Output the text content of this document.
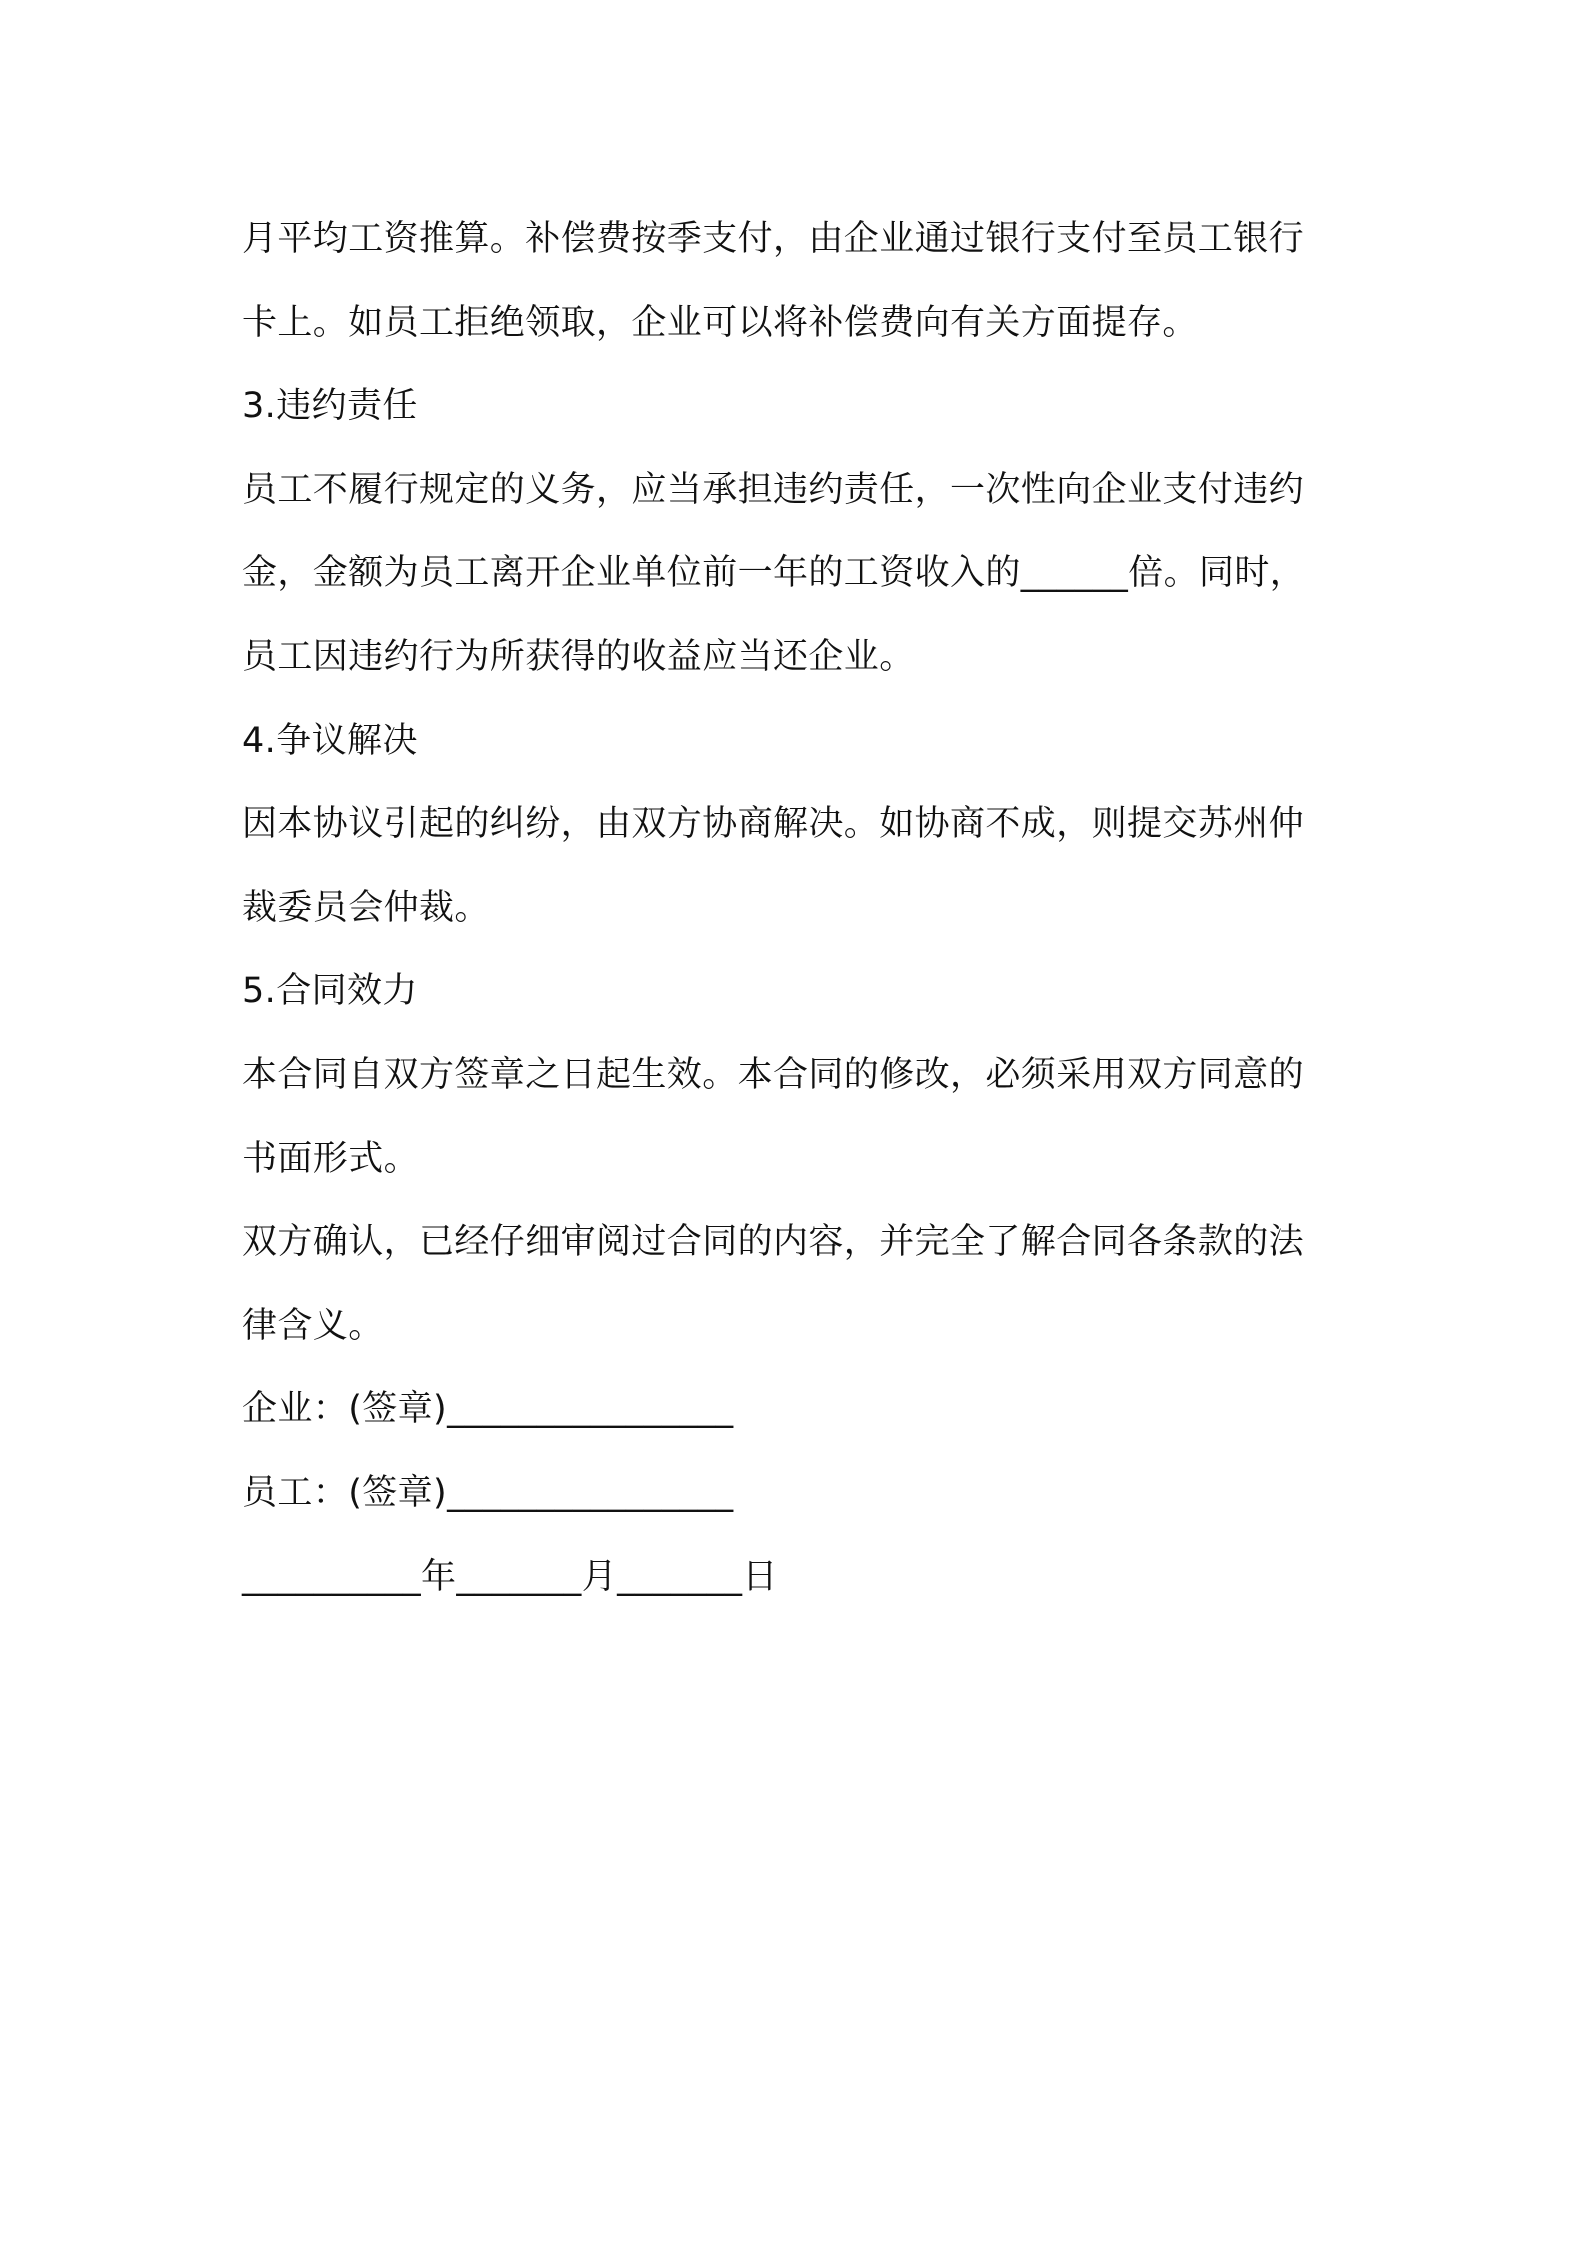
月平均工资推算。补偿费按季支付，由企业通过银行支付至员工银行
卡上。如员工拒绝领取，企业可以将补偿费向有关方面提存。
3.违约责任
员工不履行规定的义务，应当承担违约责任，一次性向企业支付违约
金，金额为员工离开企业单位前一年的工资收入的______倍。同时，
员工因违约行为所获得的收益应当还企业。
4.争议解决
因本协议引起的纠纷，由双方协商解决。如协商不成，则提交苏州仲
裁委员会仲裁。
5.合同效力
本合同自双方签章之日起生效。本合同的修改，必须采用双方同意的
书面形式。
双方确认，已经仔细审阅过合同的内容，并完全了解合同各条款的法
律含义。
企业：(签章)________________
员工：(签章)________________
__________年_______月_______日
